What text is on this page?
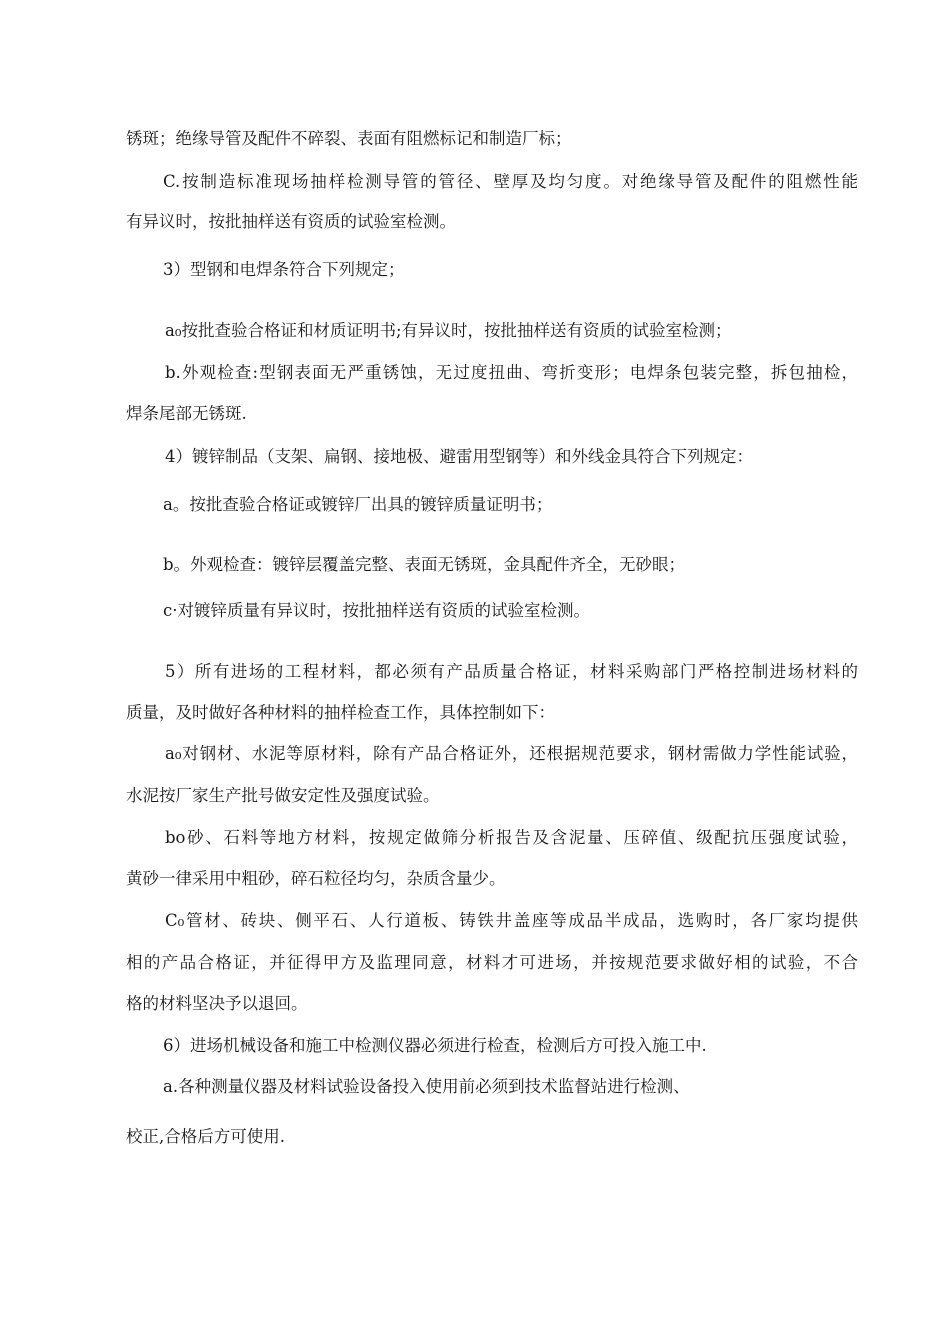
锈斑；绝缘导管及配件不碎裂、表面有阻燃标记和制造厂标；
C.按制造标准现场抽样检测导管的管径、壁厚及均匀度。对绝缘导管及配件的阻燃性能
有异议时，按批抽样送有资质的试验室检测。
3）型钢和电焊条符合下列规定；
a₀按批查验合格证和材质证明书;有异议时，按批抽样送有资质的试验室检测；
b.外观检查:型钢表面无严重锈蚀，无过度扭曲、弯折变形；电焊条包装完整，拆包抽检，
焊条尾部无锈斑.
4）镀锌制品（支架、扁钢、接地极、避雷用型钢等）和外线金具符合下列规定：
a。按批查验合格证或镀锌厂出具的镀锌质量证明书；
b。外观检查：镀锌层覆盖完整、表面无锈斑，金具配件齐全，无砂眼；
c·对镀锌质量有异议时，按批抽样送有资质的试验室检测。
5）所有进场的工程材料，都必须有产品质量合格证，材料采购部门严格控制进场材料的
质量，及时做好各种材料的抽样检查工作，具体控制如下：
a₀对钢材、水泥等原材料，除有产品合格证外，还根据规范要求，钢材需做力学性能试验，
水泥按厂家生产批号做安定性及强度试验。
bo砂、石料等地方材料，按规定做筛分析报告及含泥量、压碎值、级配抗压强度试验，
黄砂一律采用中粗砂，碎石粒径均匀，杂质含量少。
C₀管材、砖块、侧平石、人行道板、铸铁井盖座等成品半成品，选购时，各厂家均提供
相的产品合格证，并征得甲方及监理同意，材料才可进场，并按规范要求做好相的试验，不合
格的材料坚决予以退回。
6）进场机械设备和施工中检测仪器必须进行检查，检测后方可投入施工中.
a.各种测量仪器及材料试验设备投入使用前必须到技术监督站进行检测、
校正,合格后方可使用.
